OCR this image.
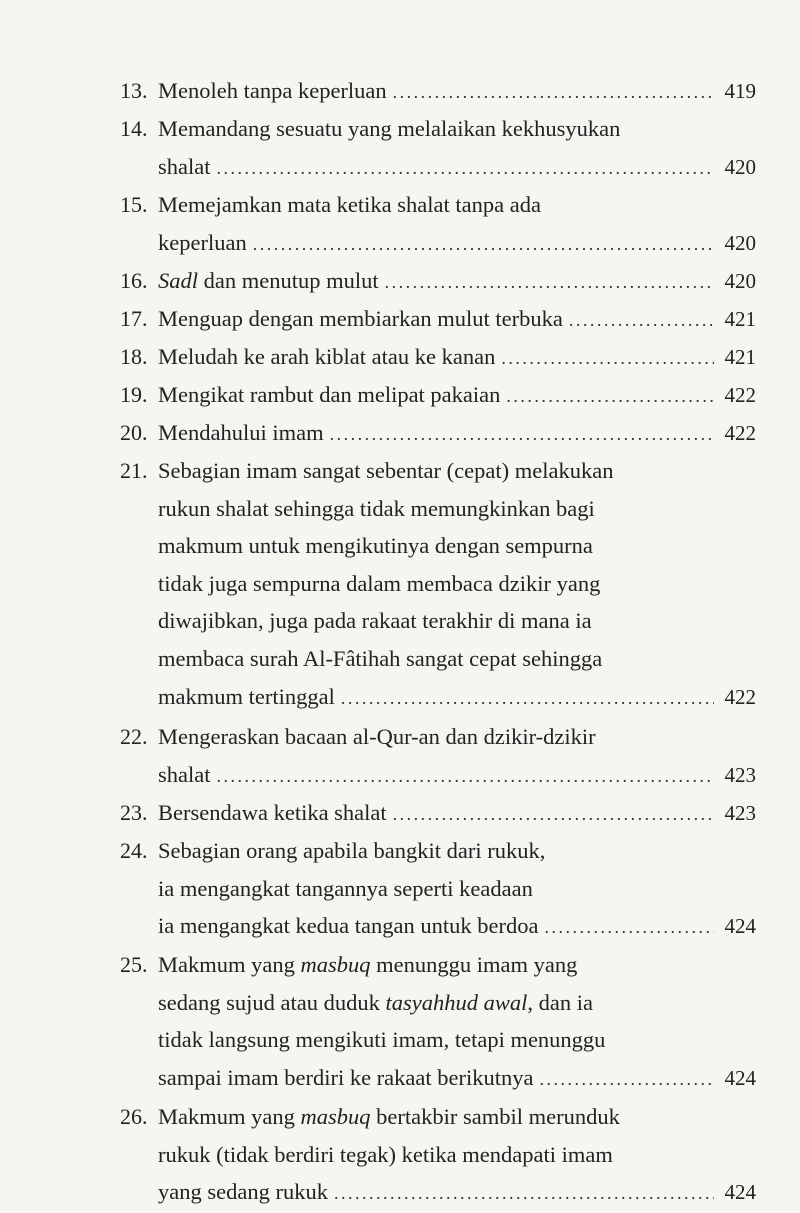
13. Menoleh tanpa keperluan . . .	419
14. Memandang sesuatu yang melalaikan kekhusyukan
shalat . . .	420
15. Memejamkan mata ketika shalat tanpa ada
keperluan . . .	420
16. Sadl dan menutup mulut . . .	420
17. Menguap dengan membiarkan mulut terbuka . . .	421
18. Meludah ke arah kiblat atau ke kanan . . .	421
19. Mengikat rambut dan melipat pakaian . . .	422
20. Mendahului imam . . .	422
21. Sebagian imam sangat sebentar (cepat) melakukan
rukun shalat sehingga tidak memungkinkan bagi
makmum untuk mengikutinya dengan sempurna
tidak juga sempurna dalam membaca dzikir yang
diwajibkan, juga pada rakaat terakhir di mana ia
membaca surah Al-Fâtihah sangat cepat sehingga
makmum tertinggal . . .	422
22. Mengeraskan bacaan al-Qur-an dan dzikir-dzikir
shalat . . .	423
23. Bersendawa ketika shalat . . .	423
24. Sebagian orang apabila bangkit dari rukuk,
ia mengangkat tangannya seperti keadaan
ia mengangkat kedua tangan untuk berdoa . . .	424
25. Makmum yang masbuq menunggu imam yang
sedang sujud atau duduk tasyahhud awal, dan ia
tidak langsung mengikuti imam, tetapi menunggu
sampai imam berdiri ke rakaat berikutnya . . .	424
26. Makmum yang masbuq bertakbir sambil merunduk
rukuk (tidak berdiri tegak) ketika mendapati imam
yang sedang rukuk . . .	424
